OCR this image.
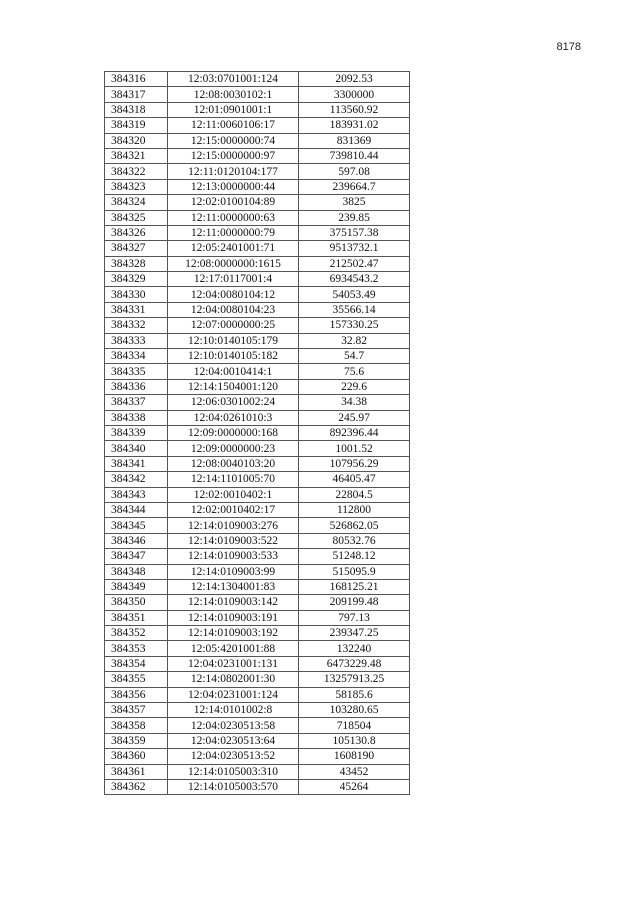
8178
384316	12:03:0701001:124	2092.53
384317	12:08:0030102:1	3300000
384318	12:01:0901001:1	113560.92
384319	12:11:0060106:17	183931.02
384320	12:15:0000000:74	831369
384321	12:15:0000000:97	739810.44
384322	12:11:0120104:177	597.08
384323	12:13:0000000:44	239664.7
384324	12:02:0100104:89	3825
384325	12:11:0000000:63	239.85
384326	12:11:0000000:79	375157.38
384327	12:05:2401001:71	9513732.1
384328	12:08:0000000:1615	212502.47
384329	12:17:0117001:4	6934543.2
384330	12:04:0080104:12	54053.49
384331	12:04:0080104:23	35566.14
384332	12:07:0000000:25	157330.25
384333	12:10:0140105:179	32.82
384334	12:10:0140105:182	54.7
384335	12:04:0010414:1	75.6
384336	12:14:1504001:120	229.6
384337	12:06:0301002:24	34.38
384338	12:04:0261010:3	245.97
384339	12:09:0000000:168	892396.44
384340	12:09:0000000:23	1001.52
384341	12:08:0040103:20	107956.29
384342	12:14:1101005:70	46405.47
384343	12:02:0010402:1	22804.5
384344	12:02:0010402:17	112800
384345	12:14:0109003:276	526862.05
384346	12:14:0109003:522	80532.76
384347	12:14:0109003:533	51248.12
384348	12:14:0109003:99	515095.9
384349	12:14:1304001:83	168125.21
384350	12:14:0109003:142	209199.48
384351	12:14:0109003:191	797.13
384352	12:14:0109003:192	239347.25
384353	12:05:4201001:88	132240
384354	12:04:0231001:131	6473229.48
384355	12:14:0802001:30	13257913.25
384356	12:04:0231001:124	58185.6
384357	12:14:0101002:8	103280.65
384358	12:04:0230513:58	718504
384359	12:04:0230513:64	105130.8
384360	12:04:0230513:52	1608190
384361	12:14:0105003:310	43452
384362	12:14:0105003:570	45264
